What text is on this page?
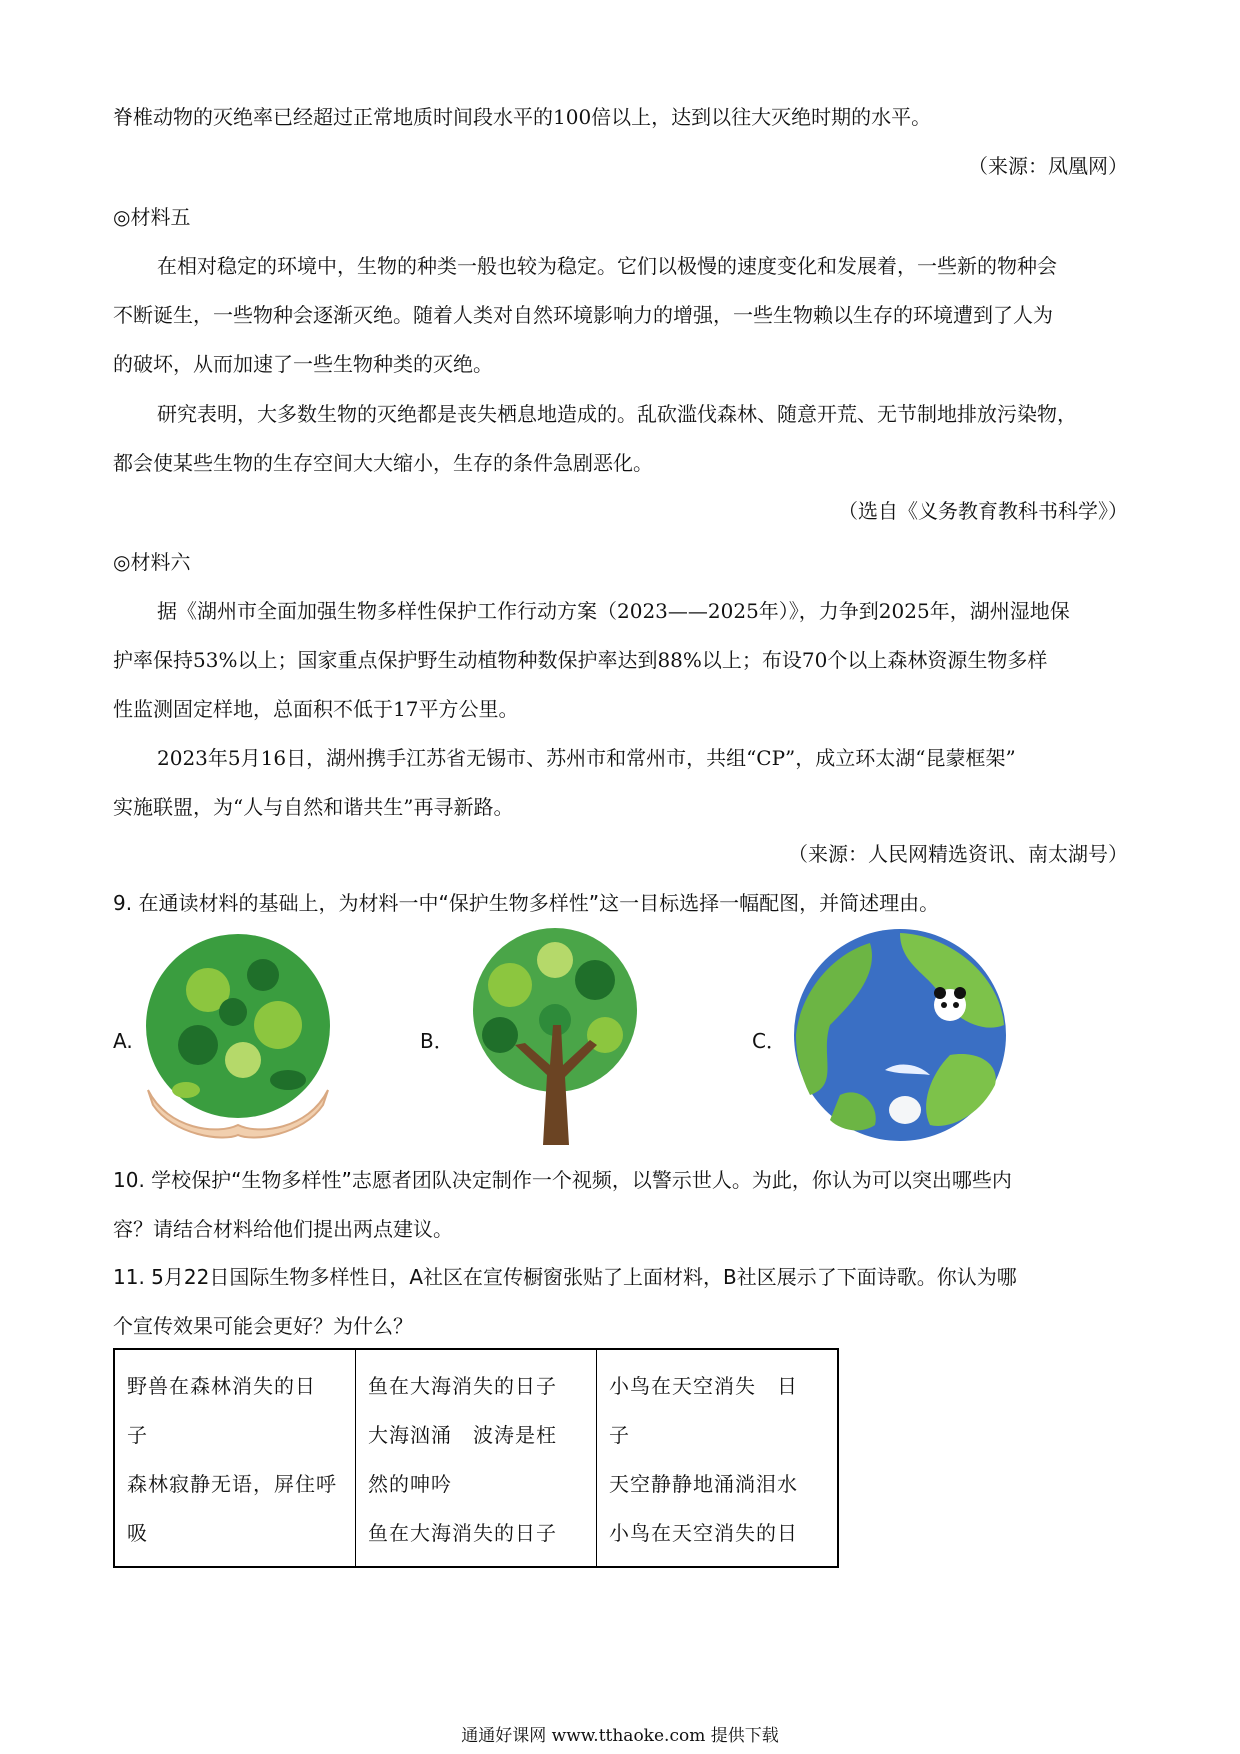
脊椎动物的灭绝率已经超过正常地质时间段水平的100倍以上，达到以往大灭绝时期的水平。
（来源：凤凰网）
◎材料五
在相对稳定的环境中，生物的种类一般也较为稳定。它们以极慢的速度变化和发展着，一些新的物种会
不断诞生，一些物种会逐渐灭绝。随着人类对自然环境影响力的增强，一些生物赖以生存的环境遭到了人为
的破坏，从而加速了一些生物种类的灭绝。
研究表明，大多数生物的灭绝都是丧失栖息地造成的。乱砍滥伐森林、随意开荒、无节制地排放污染物，
都会使某些生物的生存空间大大缩小，生存的条件急剧恶化。
（选自《义务教育教科书科学》）
◎材料六
据《湖州市全面加强生物多样性保护工作行动方案（2023——2025年）》，力争到2025年，湖州湿地保
护率保持53%以上；国家重点保护野生动植物种数保护率达到88%以上；布设70个以上森林资源生物多样
性监测固定样地，总面积不低于17平方公里。
2023年5月16日，湖州携手江苏省无锡市、苏州市和常州市，共组“CP”，成立环太湖“昆蒙框架”
实施联盟，为“人与自然和谐共生”再寻新路。
（来源：人民网精选资讯、南太湖号）
9. 在通读材料的基础上，为材料一中“保护生物多样性”这一目标选择一幅配图，并简述理由。
A.	B．	C．
10. 学校保护“生物多样性”志愿者团队决定制作一个视频，以警示世人。为此，你认为可以突出哪些内
容？请结合材料给他们提出两点建议。
11. 5月22日国际生物多样性日，A社区在宣传橱窗张贴了上面材料，B社区展示了下面诗歌。你认为哪
个宣传效果可能会更好？为什么？
野兽在森林消失的日
子
森林寂静无语，屏住呼
吸

鱼在大海消失的日子
大海汹涌　波涛是枉
然的呻吟
鱼在大海消失的日子

小鸟在天空消失　日
子
天空静静地涌淌泪水
小鸟在天空消失的日
通通好课网 www.tthaoke.com 提供下载
